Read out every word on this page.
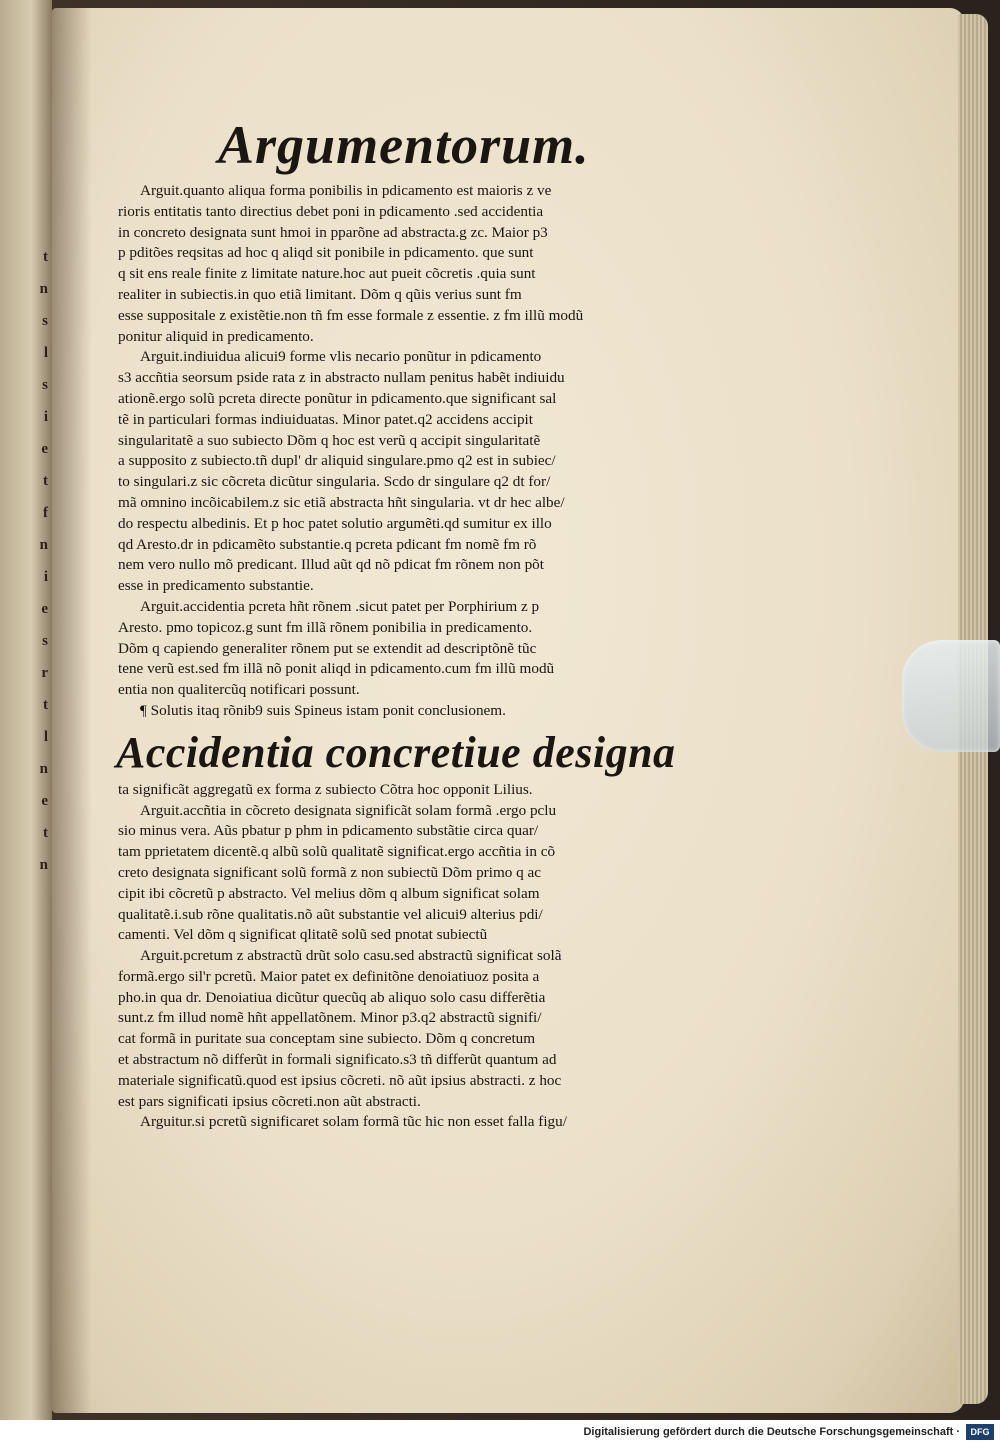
t
n
s
l
s
i
e
t
f
n
i
e
s
r
t
l
n
e
t
n
Argumentorum.

Arguit.quanto aliqua forma ponibilis in pdicamento est maioris z ve
rioris entitatis tanto directius debet poni in pdicamento .sed accidentia
in concreto designata sunt hmoi in pparõne ad abstracta.g zc. Maior p3
p pditões reqsitas ad hoc q aliqd sit ponibile in pdicamento. que sunt
q sit ens reale finite z limitate nature.hoc aut pueit cõcretis .quia sunt
realiter in subiectis.in quo etiã limitant. Dõm q qũis verius sunt fm
esse suppositale z existẽtie.non tñ fm esse formale z essentie. z fm illũ modũ
ponitur aliquid in predicamento.

Arguit.indiuidua alicui9 forme vlis necario ponũtur in pdicamento
s3 accñtia seorsum pside rata z in abstracto nullam penitus habẽt indiuidu
ationẽ.ergo solũ pcreta directe ponũtur in pdicamento.que significant sal
tẽ in particulari formas indiuiduatas. Minor patet.q2 accidens accipit
singularitatẽ a suo subiecto Dõm q hoc est verũ q accipit singularitatẽ
a supposito z subiecto.tñ dupl' dr aliquid singulare.pmo q2 est in subiec/
to singulari.z sic cõcreta dicũtur singularia. Scdo dr singulare q2 dt for/
mã omnino incõicabilem.z sic etiã abstracta hñt singularia. vt dr hec albe/
do respectu albedinis. Et p hoc patet solutio argumẽti.qd sumitur ex illo
qd Aresto.dr in pdicamẽto substantie.q pcreta pdicant fm nomẽ fm rõ
nem vero nullo mõ predicant. Illud aũt qd nõ pdicat fm rõnem non põt
esse in predicamento substantie.

Arguit.accidentia pcreta hñt rõnem .sicut patet per Porphirium z p
Aresto. pmo topicoz.g sunt fm illã rõnem ponibilia in predicamento.
Dõm q capiendo generaliter rõnem put se extendit ad descriptõnẽ tũc
tene verũ est.sed fm illã nõ ponit aliqd in pdicamento.cum fm illũ modũ
entia non qualitercũq notificari possunt.

¶ Solutis itaq rõnib9 suis Spineus istam ponit conclusionem.

Accidentia concretiue designa

ta significãt aggregatũ ex forma z subiecto Cõtra hoc opponit Lilius.

Arguit.accñtia in cõcreto designata significãt solam formã .ergo pclu
sio minus vera. Aũs pbatur p phm in pdicamento substãtie circa quar/
tam pprietatem dicentẽ.q albũ solũ qualitatẽ significat.ergo accñtia in cõ
creto designata significant solũ formã z non subiectũ Dõm primo q ac
cipit ibi cõcretũ p abstracto. Vel melius dõm q album significat solam
qualitatẽ.i.sub rõne qualitatis.nõ aũt substantie vel alicui9 alterius pdi/
camenti. Vel dõm q significat qlitatẽ solũ sed pnotat subiectũ

Arguit.pcretum z abstractũ drũt solo casu.sed abstractũ significat solã
formã.ergo sil'r pcretũ. Maior patet ex definitõne denoiatiuoz posita a
pho.in qua dr. Denoiatiua dicũtur quecũq ab aliquo solo casu differẽtia
sunt.z fm illud nomẽ hñt appellatõnem. Minor p3.q2 abstractũ signifi/
cat formã in puritate sua conceptam sine subiecto. Dõm q concretum
et abstractum nõ differũt in formali significato.s3 tñ differũt quantum ad
materiale significatũ.quod est ipsius cõcreti. nõ aũt ipsius abstracti. z hoc
est pars significati ipsius cõcreti.non aũt abstracti.

Arguitur.si pcretũ significaret solam formã tũc hic non esset falla figu/

Digitalisierung gefördert durch die Deutsche Forschungsgemeinschaft ·	DFG
